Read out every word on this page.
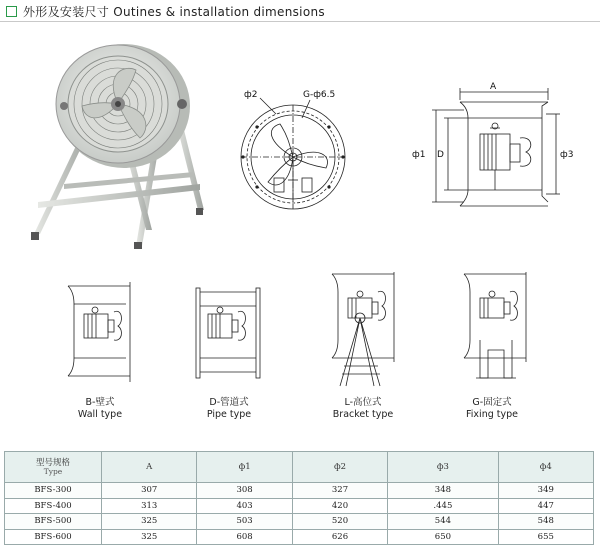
外形及安装尺寸 Outines & installation dimensions
ф2	G-ф6.5
A
ф1 D	ф3
B-壁式
Wall type
D-管道式
Pipe type
L-高位式
Bracket type
G-固定式
Fixing type
型号规格
Type	A	ф1	ф2	ф3	ф4
BFS-300	307	308	327	348	349
BFS-400	313	403	420	.445	447
BFS-500	325	503	520	544	548
BFS-600	325	608	626	650	655
